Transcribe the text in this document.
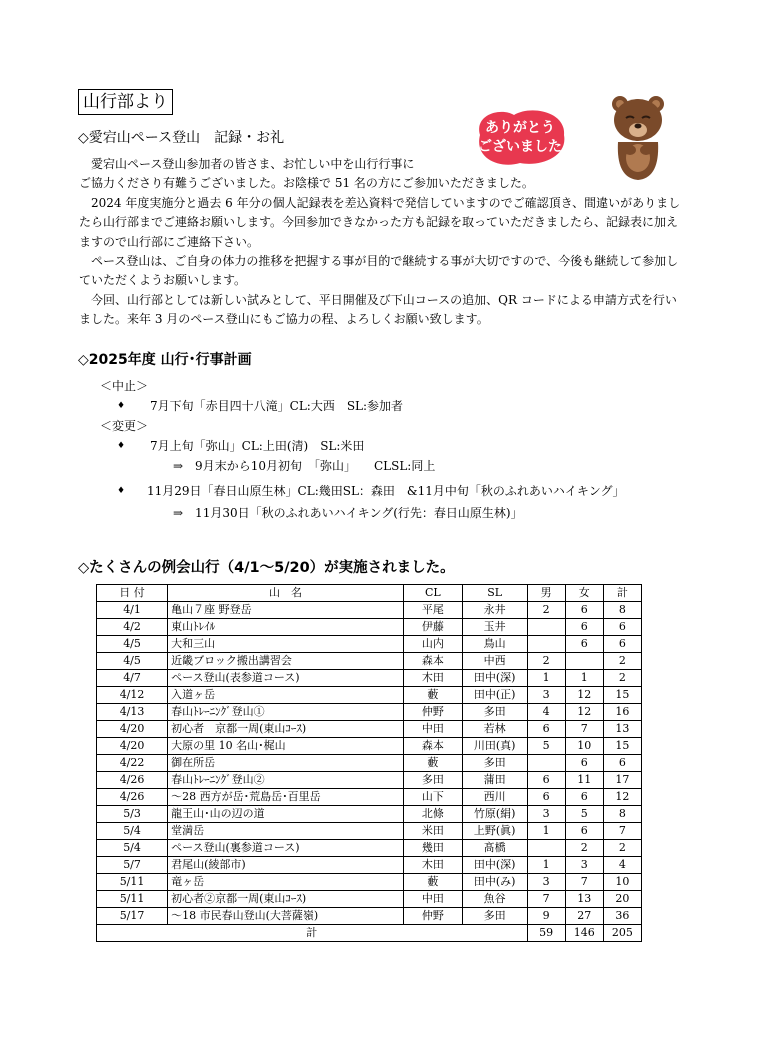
山行部より
◇愛宕山ペース登山　記録・お礼
ありがとう
ございました

愛宕山ペース登山参加者の皆さま、お忙しい中を山行行事に

ご協力くださり有難うございました。お陰様で 51 名の方にご参加いただきました。

2024 年度実施分と過去 6 年分の個人記録表を差込資料で発信していますのでご確認頂き、間違いがありましたら山行部までご連絡お願いします。今回参加できなかった方も記録を取っていただきましたら、記録表に加えますので山行部にご連絡下さい。

ペース登山は、ご自身の体力の推移を把握する事が目的で継続する事が大切ですので、今後も継続して参加していただくようお願いします。

今回、山行部としては新しい試みとして、平日開催及び下山コースの追加、QR コードによる申請方式を行いました。来年 3 月のペース登山にもご協力の程、よろしくお願い致します。

◇2025年度 山行･行事計画
＜中止＞
♦ 7月下旬「赤目四十八滝」CL:大西　SL:参加者
＜変更＞
♦ 7月上旬「弥山」CL:上田(清)　SL:米田
⇒　9月末から10月初旬　「弥山」　　CLSL:同上
♦ 11月29日「春日山原生林」CL:幾田SL：森田　&11月中旬「秋のふれあいハイキング」
⇒　11月30日「秋のふれあいハイキング(行先：春日山原生林)」
◇たくさんの例会山行（4/1～5/20）が実施されました。
日 付	山　名	CL	SL	男	女	計
4/1	亀山７座 野登岳	平尾	永井	2	6	8
4/2	東山ﾄﾚｲﾙ	伊藤	玉井		6	6
4/5	大和三山	山内	鳥山		6	6
4/5	近畿ブロック搬出講習会	森本	中西	2		2
4/7	ペース登山(表参道コース)	木田	田中(深)	1	1	2
4/12	入道ヶ岳	藪	田中(正)	3	12	15
4/13	春山ﾄﾚｰﾆﾝｸﾞ登山①	仲野	多田	4	12	16
4/20	初心者　京都一周(東山ｺｰｽ)	中田	若林	6	7	13
4/20	大原の里 10 名山･梶山	森本	川田(真)	5	10	15
4/22	御在所岳	藪	多田		6	6
4/26	春山ﾄﾚｰﾆﾝｸﾞ登山②	多田	蒲田	6	11	17
4/26	～28 西方が岳･荒島岳･百里岳	山下	西川	6	6	12
5/3	龍王山･山の辺の道	北條	竹原(絹)	3	5	8
5/4	堂満岳	米田	上野(眞)	1	6	7
5/4	ペース登山(裏参道コース)	幾田	髙橋		2	2
5/7	君尾山(綾部市)	木田	田中(深)	1	3	4
5/11	竜ヶ岳	藪	田中(み)	3	7	10
5/11	初心者②京都一周(東山ｺｰｽ)	中田	魚谷	7	13	20
5/17	～18 市民春山登山(大菩薩嶺)	仲野	多田	9	27	36
計				59	146	205
